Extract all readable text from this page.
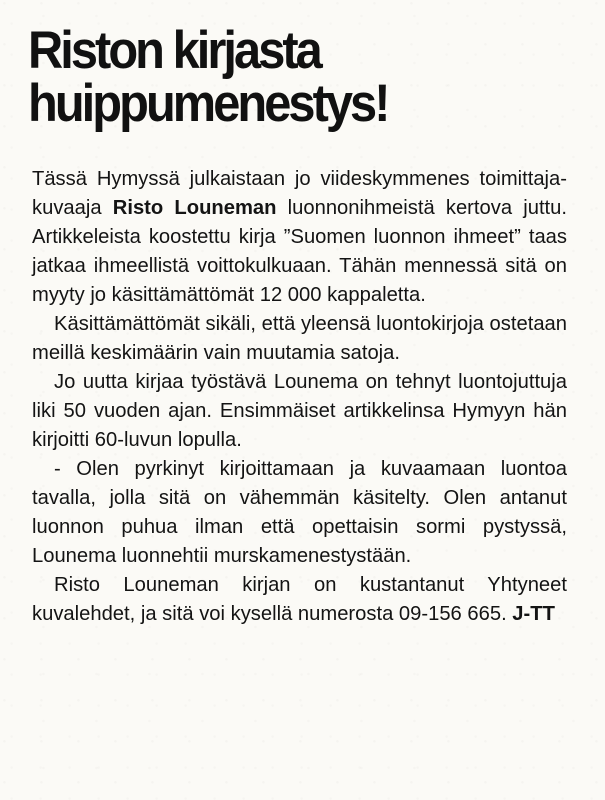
Riston kirjasta
huippumenestys!

Tässä Hymyssä julkaistaan jo viideskymmenes toimittaja-kuvaaja Risto Louneman luonnonihmeistä kertova juttu. Artikkeleista koostettu kirja ”Suomen luonnon ihmeet” taas jatkaa ihmeellistä voittokulkuaan. Tähän mennessä sitä on myyty jo käsittämättömät 12 000 kappaletta.

Käsittämättömät sikäli, että yleensä luontokirjoja ostetaan meillä keskimäärin vain muutamia satoja.

Jo uutta kirjaa työstävä Lounema on tehnyt luontojuttuja liki 50 vuoden ajan. Ensimmäiset artikkelinsa Hymyyn hän kirjoitti 60-luvun lopulla.

- Olen pyrkinyt kirjoittamaan ja kuvaamaan luontoa tavalla, jolla sitä on vähemmän käsitelty. Olen antanut luonnon puhua ilman että opettaisin sormi pystyssä, Lounema luonnehtii murskamenestystään.

Risto Louneman kirjan on kustantanut Yhtyneet kuvalehdet, ja sitä voi kysellä numerosta 09-156 665. J-TT
